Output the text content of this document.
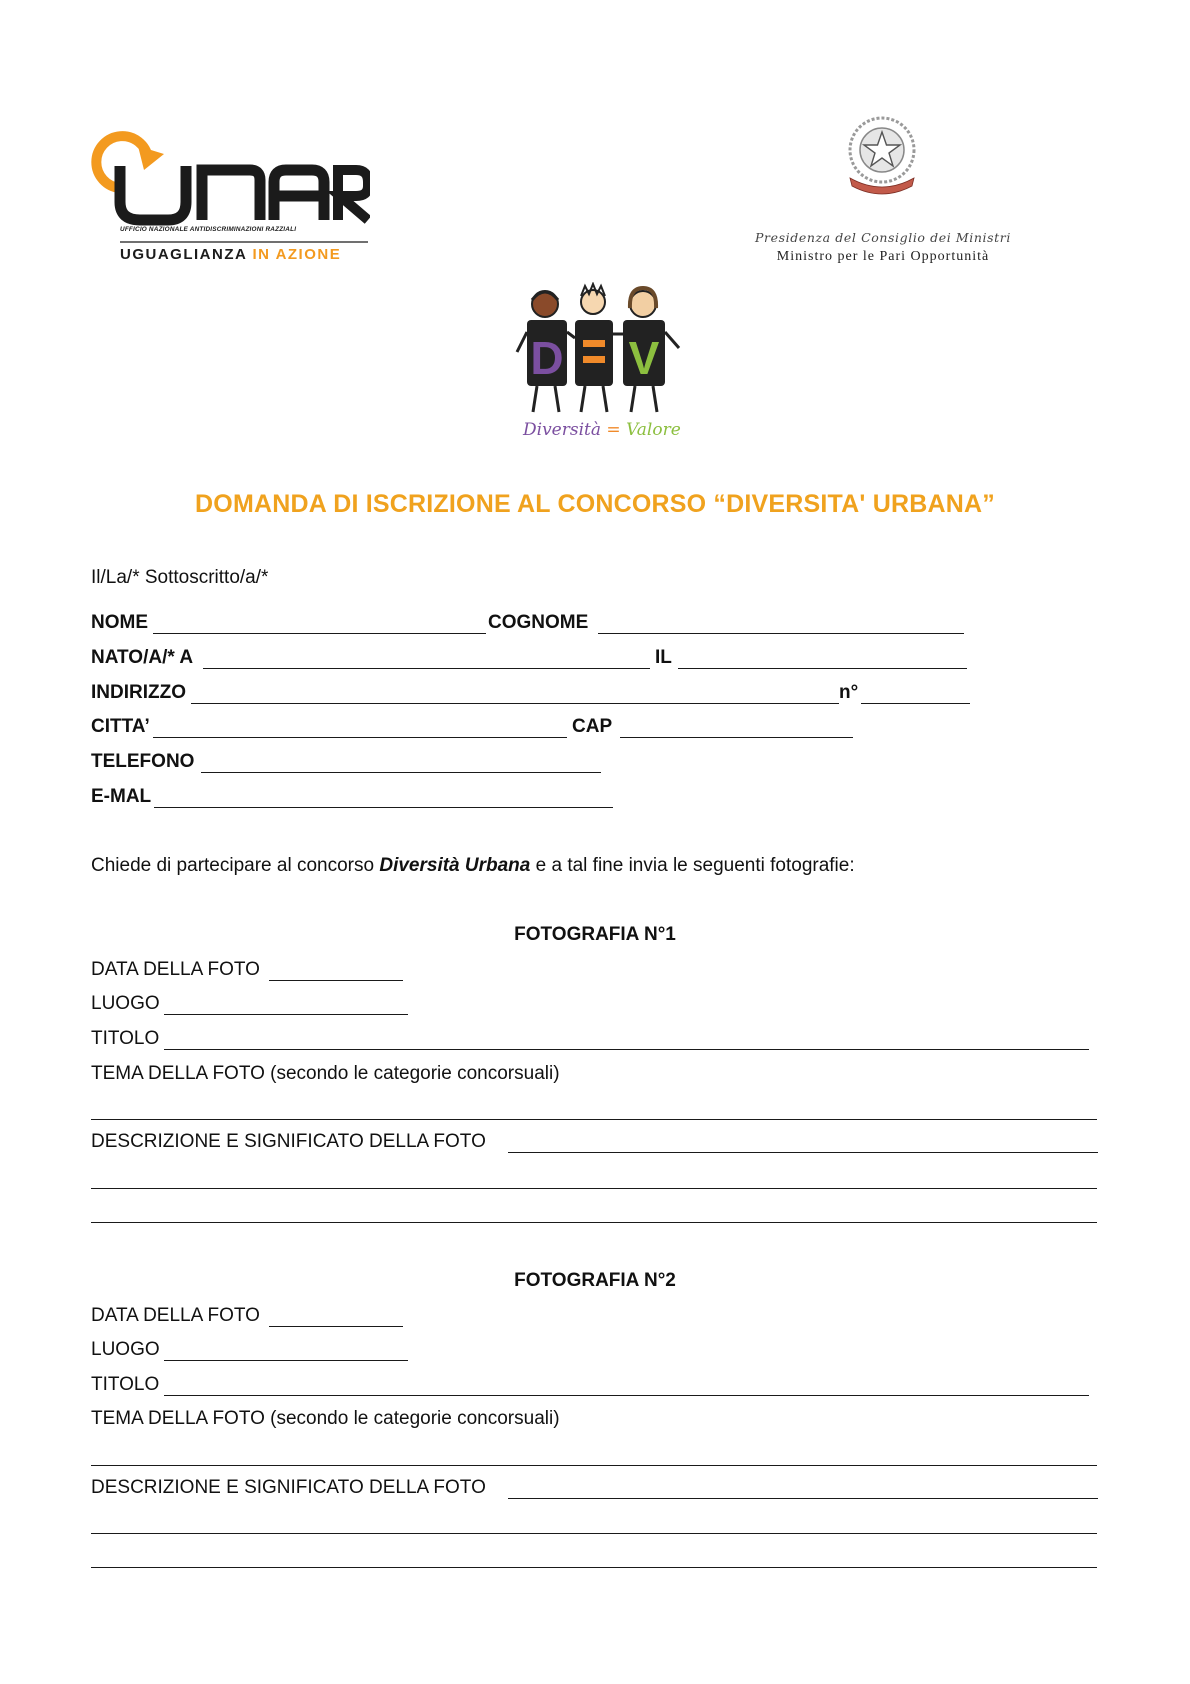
UFFICIO NAZIONALE ANTIDISCRIMINAZIONI RAZZIALI
UGUAGLIANZA IN AZIONE
Presidenza del Consiglio dei Ministri
Ministro per le Pari Opportunità
D V
Diversità = Valore
DOMANDA DI ISCRIZIONE AL CONCORSO “DIVERSITA' URBANA”
Il/La/* Sottoscritto/a/*
NOME	COGNOME
NATO/A/* A	IL
INDIRIZZO	n°
CITTA’	CAP
TELEFONO
E-MAL
Chiede di partecipare al concorso Diversità Urbana e a tal fine invia le seguenti fotografie:
FOTOGRAFIA N°1
DATA DELLA FOTO
LUOGO
TITOLO
TEMA DELLA FOTO (secondo le categorie concorsuali)
DESCRIZIONE E SIGNIFICATO DELLA FOTO
FOTOGRAFIA N°2
DATA DELLA FOTO
LUOGO
TITOLO
TEMA DELLA FOTO (secondo le categorie concorsuali)
DESCRIZIONE E SIGNIFICATO DELLA FOTO
